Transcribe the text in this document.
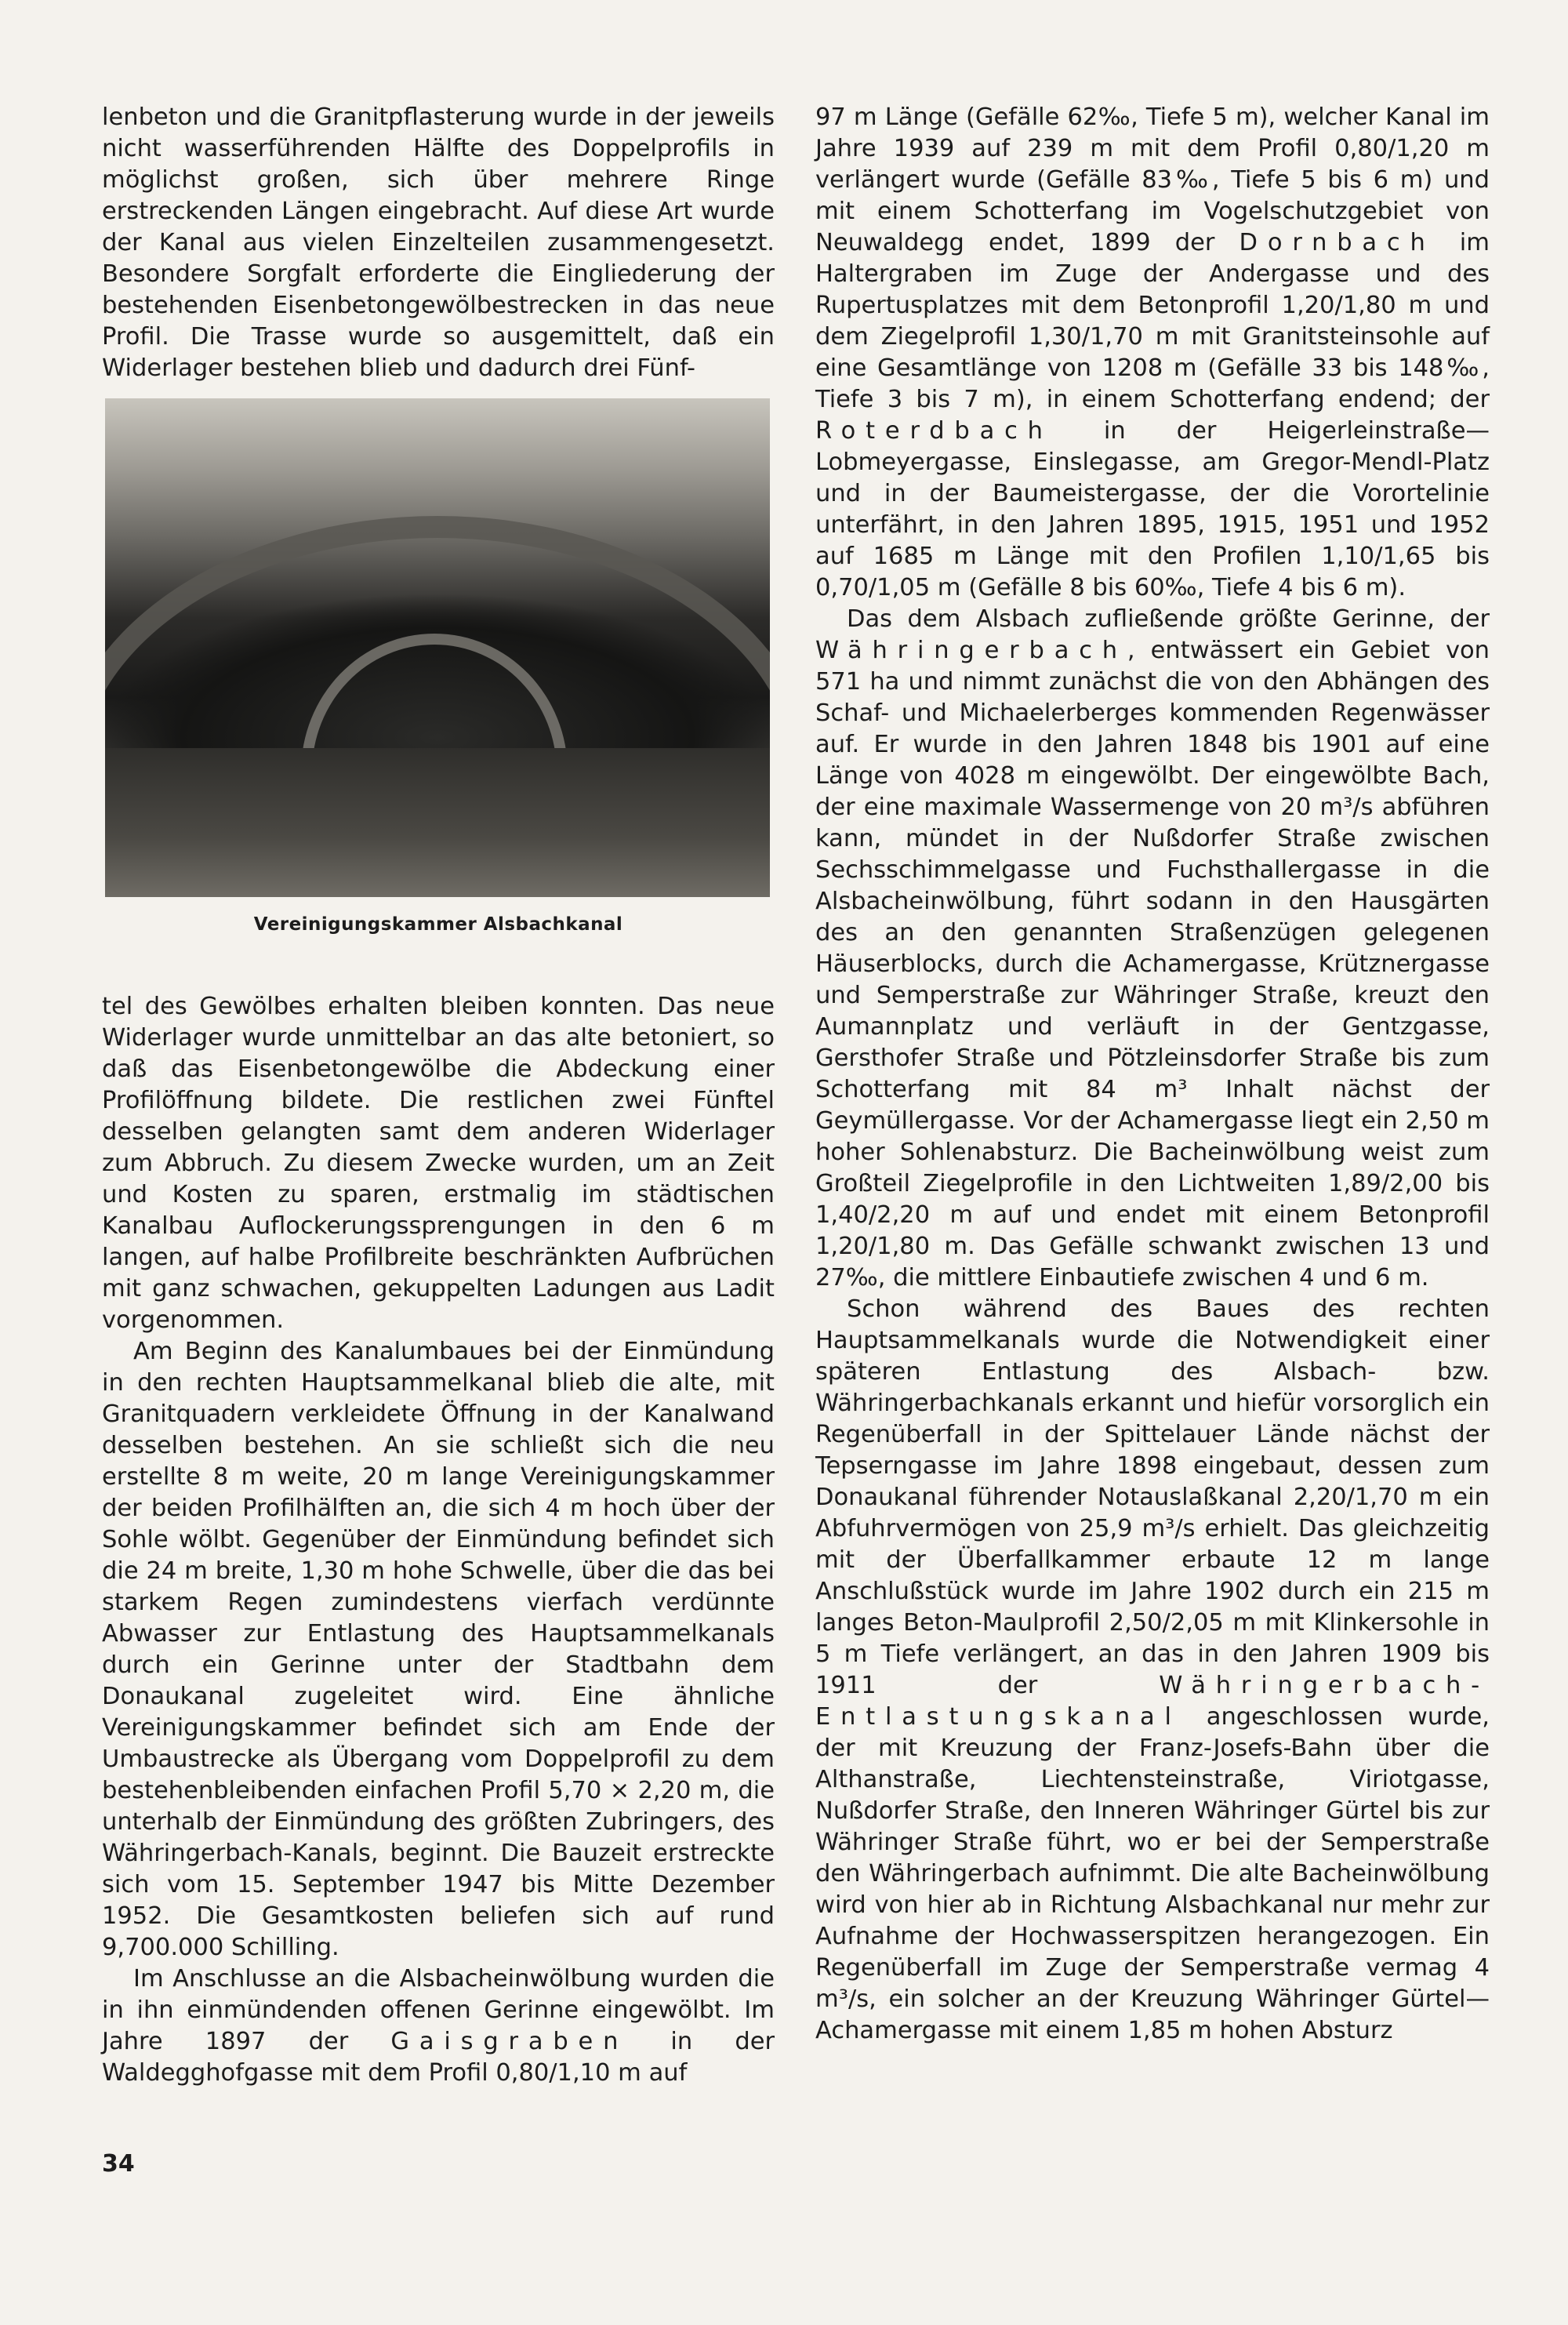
lenbeton und die Granitpflasterung wurde in der jeweils nicht wasserführenden Hälfte des Doppelprofils in möglichst großen, sich über mehrere Ringe erstreckenden Längen eingebracht. Auf diese Art wurde der Kanal aus vielen Einzelteilen zusammengesetzt. Besondere Sorgfalt erforderte die Eingliederung der bestehenden Eisenbetongewölbestrecken in das neue Profil. Die Trasse wurde so ausgemittelt, daß ein Widerlager bestehen blieb und dadurch drei Fünf-

Vereinigungskammer Alsbachkanal

tel des Gewölbes erhalten bleiben konnten. Das neue Widerlager wurde unmittelbar an das alte betoniert, so daß das Eisenbetongewölbe die Abdeckung einer Profilöffnung bildete. Die restlichen zwei Fünftel desselben gelangten samt dem anderen Widerlager zum Abbruch. Zu diesem Zwecke wurden, um an Zeit und Kosten zu sparen, erstmalig im städtischen Kanalbau Auflockerungssprengungen in den 6 m langen, auf halbe Profilbreite beschränkten Aufbrüchen mit ganz schwachen, gekuppelten Ladungen aus Ladit vorgenommen.

Am Beginn des Kanalumbaues bei der Einmündung in den rechten Hauptsammelkanal blieb die alte, mit Granitquadern verkleidete Öffnung in der Kanalwand desselben bestehen. An sie schließt sich die neu erstellte 8 m weite, 20 m lange Vereinigungskammer der beiden Profilhälften an, die sich 4 m hoch über der Sohle wölbt. Gegenüber der Einmündung befindet sich die 24 m breite, 1,30 m hohe Schwelle, über die das bei starkem Regen zumindestens vierfach verdünnte Abwasser zur Entlastung des Hauptsammelkanals durch ein Gerinne unter der Stadtbahn dem Donaukanal zugeleitet wird. Eine ähnliche Vereinigungskammer befindet sich am Ende der Umbaustrecke als Übergang vom Doppelprofil zu dem bestehenbleibenden einfachen Profil 5,70 × 2,20 m, die unterhalb der Einmündung des größten Zubringers, des Währingerbach-Kanals, beginnt. Die Bauzeit erstreckte sich vom 15. September 1947 bis Mitte Dezember 1952. Die Gesamtkosten beliefen sich auf rund 9,700.000 Schilling.

Im Anschlusse an die Alsbacheinwölbung wurden die in ihn einmündenden offenen Gerinne eingewölbt. Im Jahre 1897 der Gaisgraben in der Waldegghofgasse mit dem Profil 0,80/1,10 m auf

97 m Länge (Gefälle 62‰, Tiefe 5 m), welcher Kanal im Jahre 1939 auf 239 m mit dem Profil 0,80/1,20 m verlängert wurde (Gefälle 83‰, Tiefe 5 bis 6 m) und mit einem Schotterfang im Vogelschutzgebiet von Neuwaldegg endet, 1899 der Dornbach im Haltergraben im Zuge der Andergasse und des Rupertusplatzes mit dem Betonprofil 1,20/1,80 m und dem Ziegelprofil 1,30/1,70 m mit Granitsteinsohle auf eine Gesamtlänge von 1208 m (Gefälle 33 bis 148‰, Tiefe 3 bis 7 m), in einem Schotterfang endend; der Roterdbach in der Heigerleinstraße—Lobmeyergasse, Einslegasse, am Gregor-Mendl-Platz und in der Baumeistergasse, der die Vorortelinie unterfährt, in den Jahren 1895, 1915, 1951 und 1952 auf 1685 m Länge mit den Profilen 1,10/1,65 bis 0,70/1,05 m (Gefälle 8 bis 60‰, Tiefe 4 bis 6 m).

Das dem Alsbach zufließende größte Gerinne, der Währingerbach, entwässert ein Gebiet von 571 ha und nimmt zunächst die von den Abhängen des Schaf- und Michaelerberges kommenden Regenwässer auf. Er wurde in den Jahren 1848 bis 1901 auf eine Länge von 4028 m eingewölbt. Der eingewölbte Bach, der eine maximale Wassermenge von 20 m³/s abführen kann, mündet in der Nußdorfer Straße zwischen Sechsschimmelgasse und Fuchsthallergasse in die Alsbacheinwölbung, führt sodann in den Hausgärten des an den genannten Straßenzügen gelegenen Häuserblocks, durch die Achamergasse, Krütznergasse und Semperstraße zur Währinger Straße, kreuzt den Aumannplatz und verläuft in der Gentzgasse, Gersthofer Straße und Pötzleinsdorfer Straße bis zum Schotterfang mit 84 m³ Inhalt nächst der Geymüllergasse. Vor der Achamergasse liegt ein 2,50 m hoher Sohlenabsturz. Die Bacheinwölbung weist zum Großteil Ziegelprofile in den Lichtweiten 1,89/2,00 bis 1,40/2,20 m auf und endet mit einem Betonprofil 1,20/1,80 m. Das Gefälle schwankt zwischen 13 und 27‰, die mittlere Einbautiefe zwischen 4 und 6 m.

Schon während des Baues des rechten Hauptsammelkanals wurde die Notwendigkeit einer späteren Entlastung des Alsbach- bzw. Währingerbachkanals erkannt und hiefür vorsorglich ein Regenüberfall in der Spittelauer Lände nächst der Tepserngasse im Jahre 1898 eingebaut, dessen zum Donaukanal führender Notauslaßkanal 2,20/1,70 m ein Abfuhrvermögen von 25,9 m³/s erhielt. Das gleichzeitig mit der Überfallkammer erbaute 12 m lange Anschlußstück wurde im Jahre 1902 durch ein 215 m langes Beton-Maulprofil 2,50/2,05 m mit Klinkersohle in 5 m Tiefe verlängert, an das in den Jahren 1909 bis 1911 der Währingerbach-Entlastungskanal angeschlossen wurde, der mit Kreuzung der Franz-Josefs-Bahn über die Althanstraße, Liechtensteinstraße, Viriotgasse, Nußdorfer Straße, den Inneren Währinger Gürtel bis zur Währinger Straße führt, wo er bei der Semperstraße den Währingerbach aufnimmt. Die alte Bacheinwölbung wird von hier ab in Richtung Alsbachkanal nur mehr zur Aufnahme der Hochwasserspitzen herangezogen. Ein Regenüberfall im Zuge der Semperstraße vermag 4 m³/s, ein solcher an der Kreuzung Währinger Gürtel—Achamergasse mit einem 1,85 m hohen Absturz

34
